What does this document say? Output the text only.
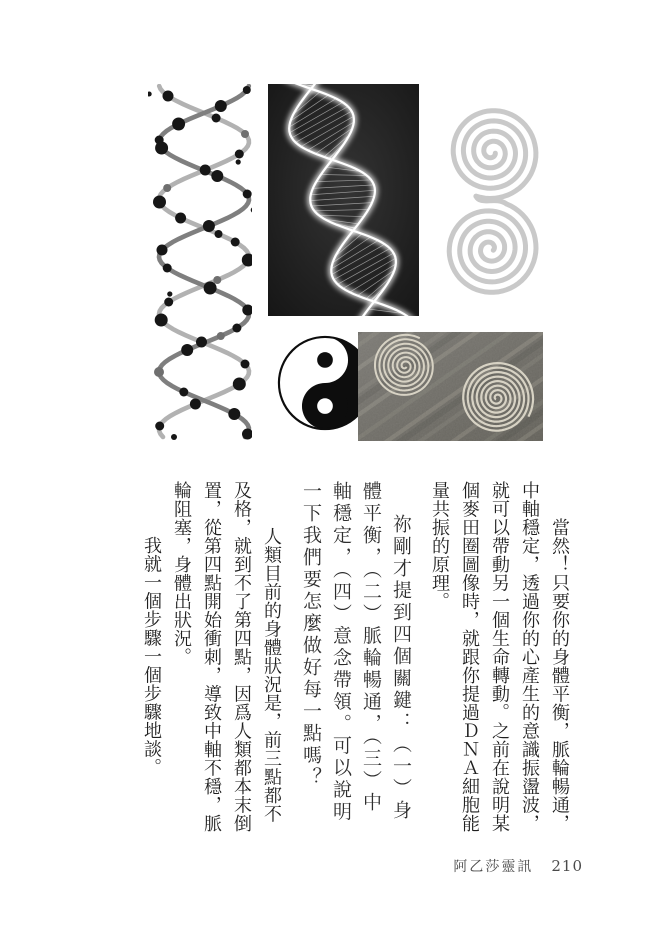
當然！只要你的身體平衡，脈輪暢通，中軸穩定，透過你的心產生的意識振盪波，就可以帶動另一個生命轉動。之前在說明某個麥田圈圖像時，就跟你提過ＤＮＡ細胞能量共振的原理。

祢剛才提到四個關鍵：（一）身體平衡，（二）脈輪暢通，（三）中軸穩定，（四）意念帶領。可以說明一下我們要怎麼做好每一點嗎？

人類目前的身體狀況是，前三點都不及格，就到不了第四點，因爲人類都本末倒置，從第四點開始衝刺，導致中軸不穩，脈輪阻塞，身體出狀況。

我就一個步驟一個步驟地談。

阿乙莎靈訊 210
